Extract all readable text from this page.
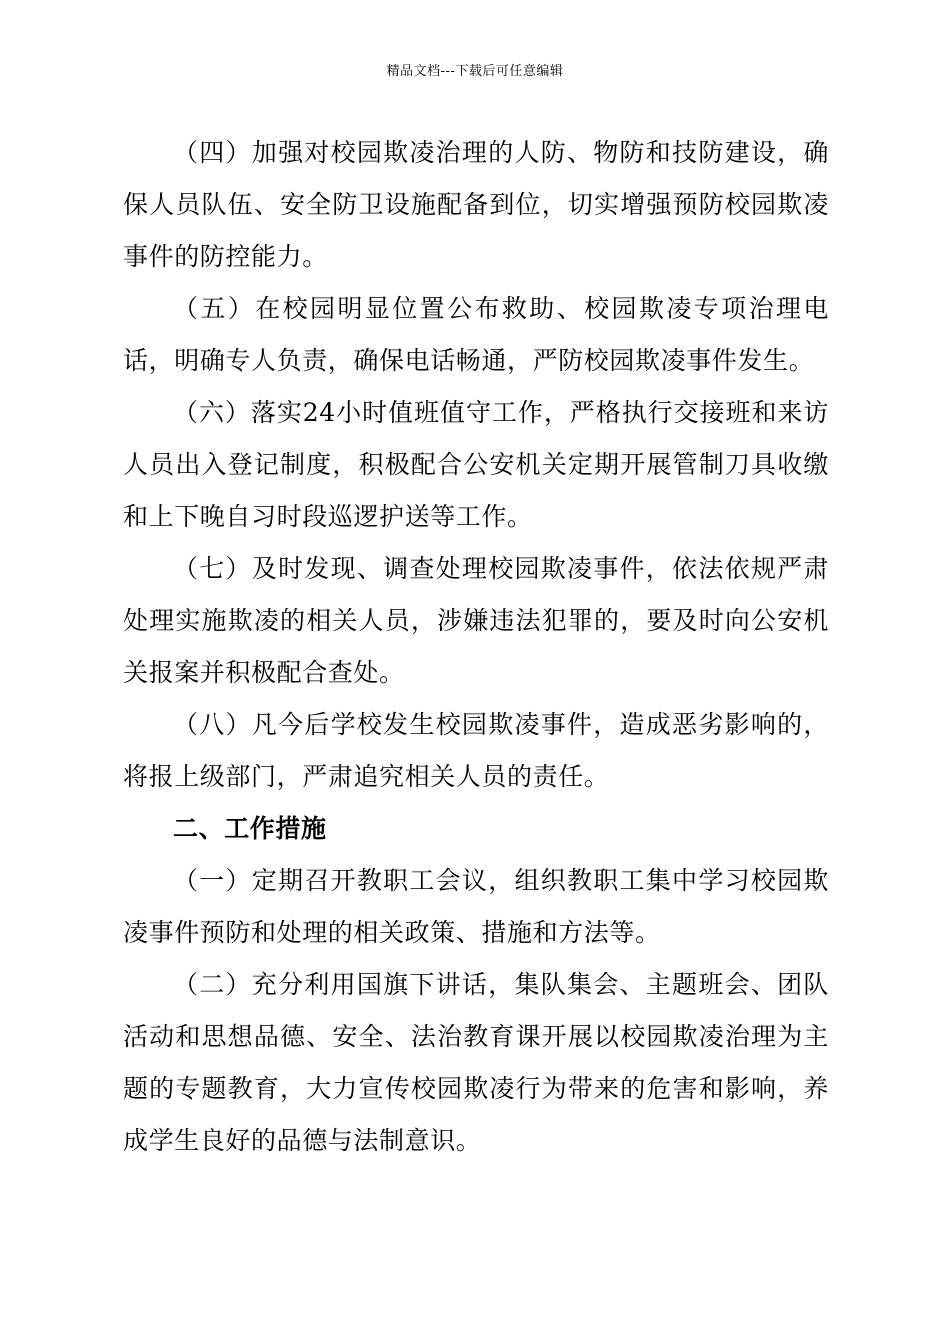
精品文档---下载后可任意编辑

（四）加强对校园欺凌治理的人防、物防和技防建设，确保人员队伍、安全防卫设施配备到位，切实增强预防校园欺凌事件的防控能力。

（五）在校园明显位置公布救助、校园欺凌专项治理电话，明确专人负责，确保电话畅通，严防校园欺凌事件发生。

（六）落实24小时值班值守工作，严格执行交接班和来访人员出入登记制度，积极配合公安机关定期开展管制刀具收缴和上下晚自习时段巡逻护送等工作。

（七）及时发现、调查处理校园欺凌事件，依法依规严肃处理实施欺凌的相关人员，涉嫌违法犯罪的，要及时向公安机关报案并积极配合查处。

（八）凡今后学校发生校园欺凌事件，造成恶劣影响的，将报上级部门，严肃追究相关人员的责任。

二、工作措施

（一）定期召开教职工会议，组织教职工集中学习校园欺凌事件预防和处理的相关政策、措施和方法等。

（二）充分利用国旗下讲话，集队集会、主题班会、团队活动和思想品德、安全、法治教育课开展以校园欺凌治理为主题的专题教育，大力宣传校园欺凌行为带来的危害和影响，养成学生良好的品德与法制意识。
